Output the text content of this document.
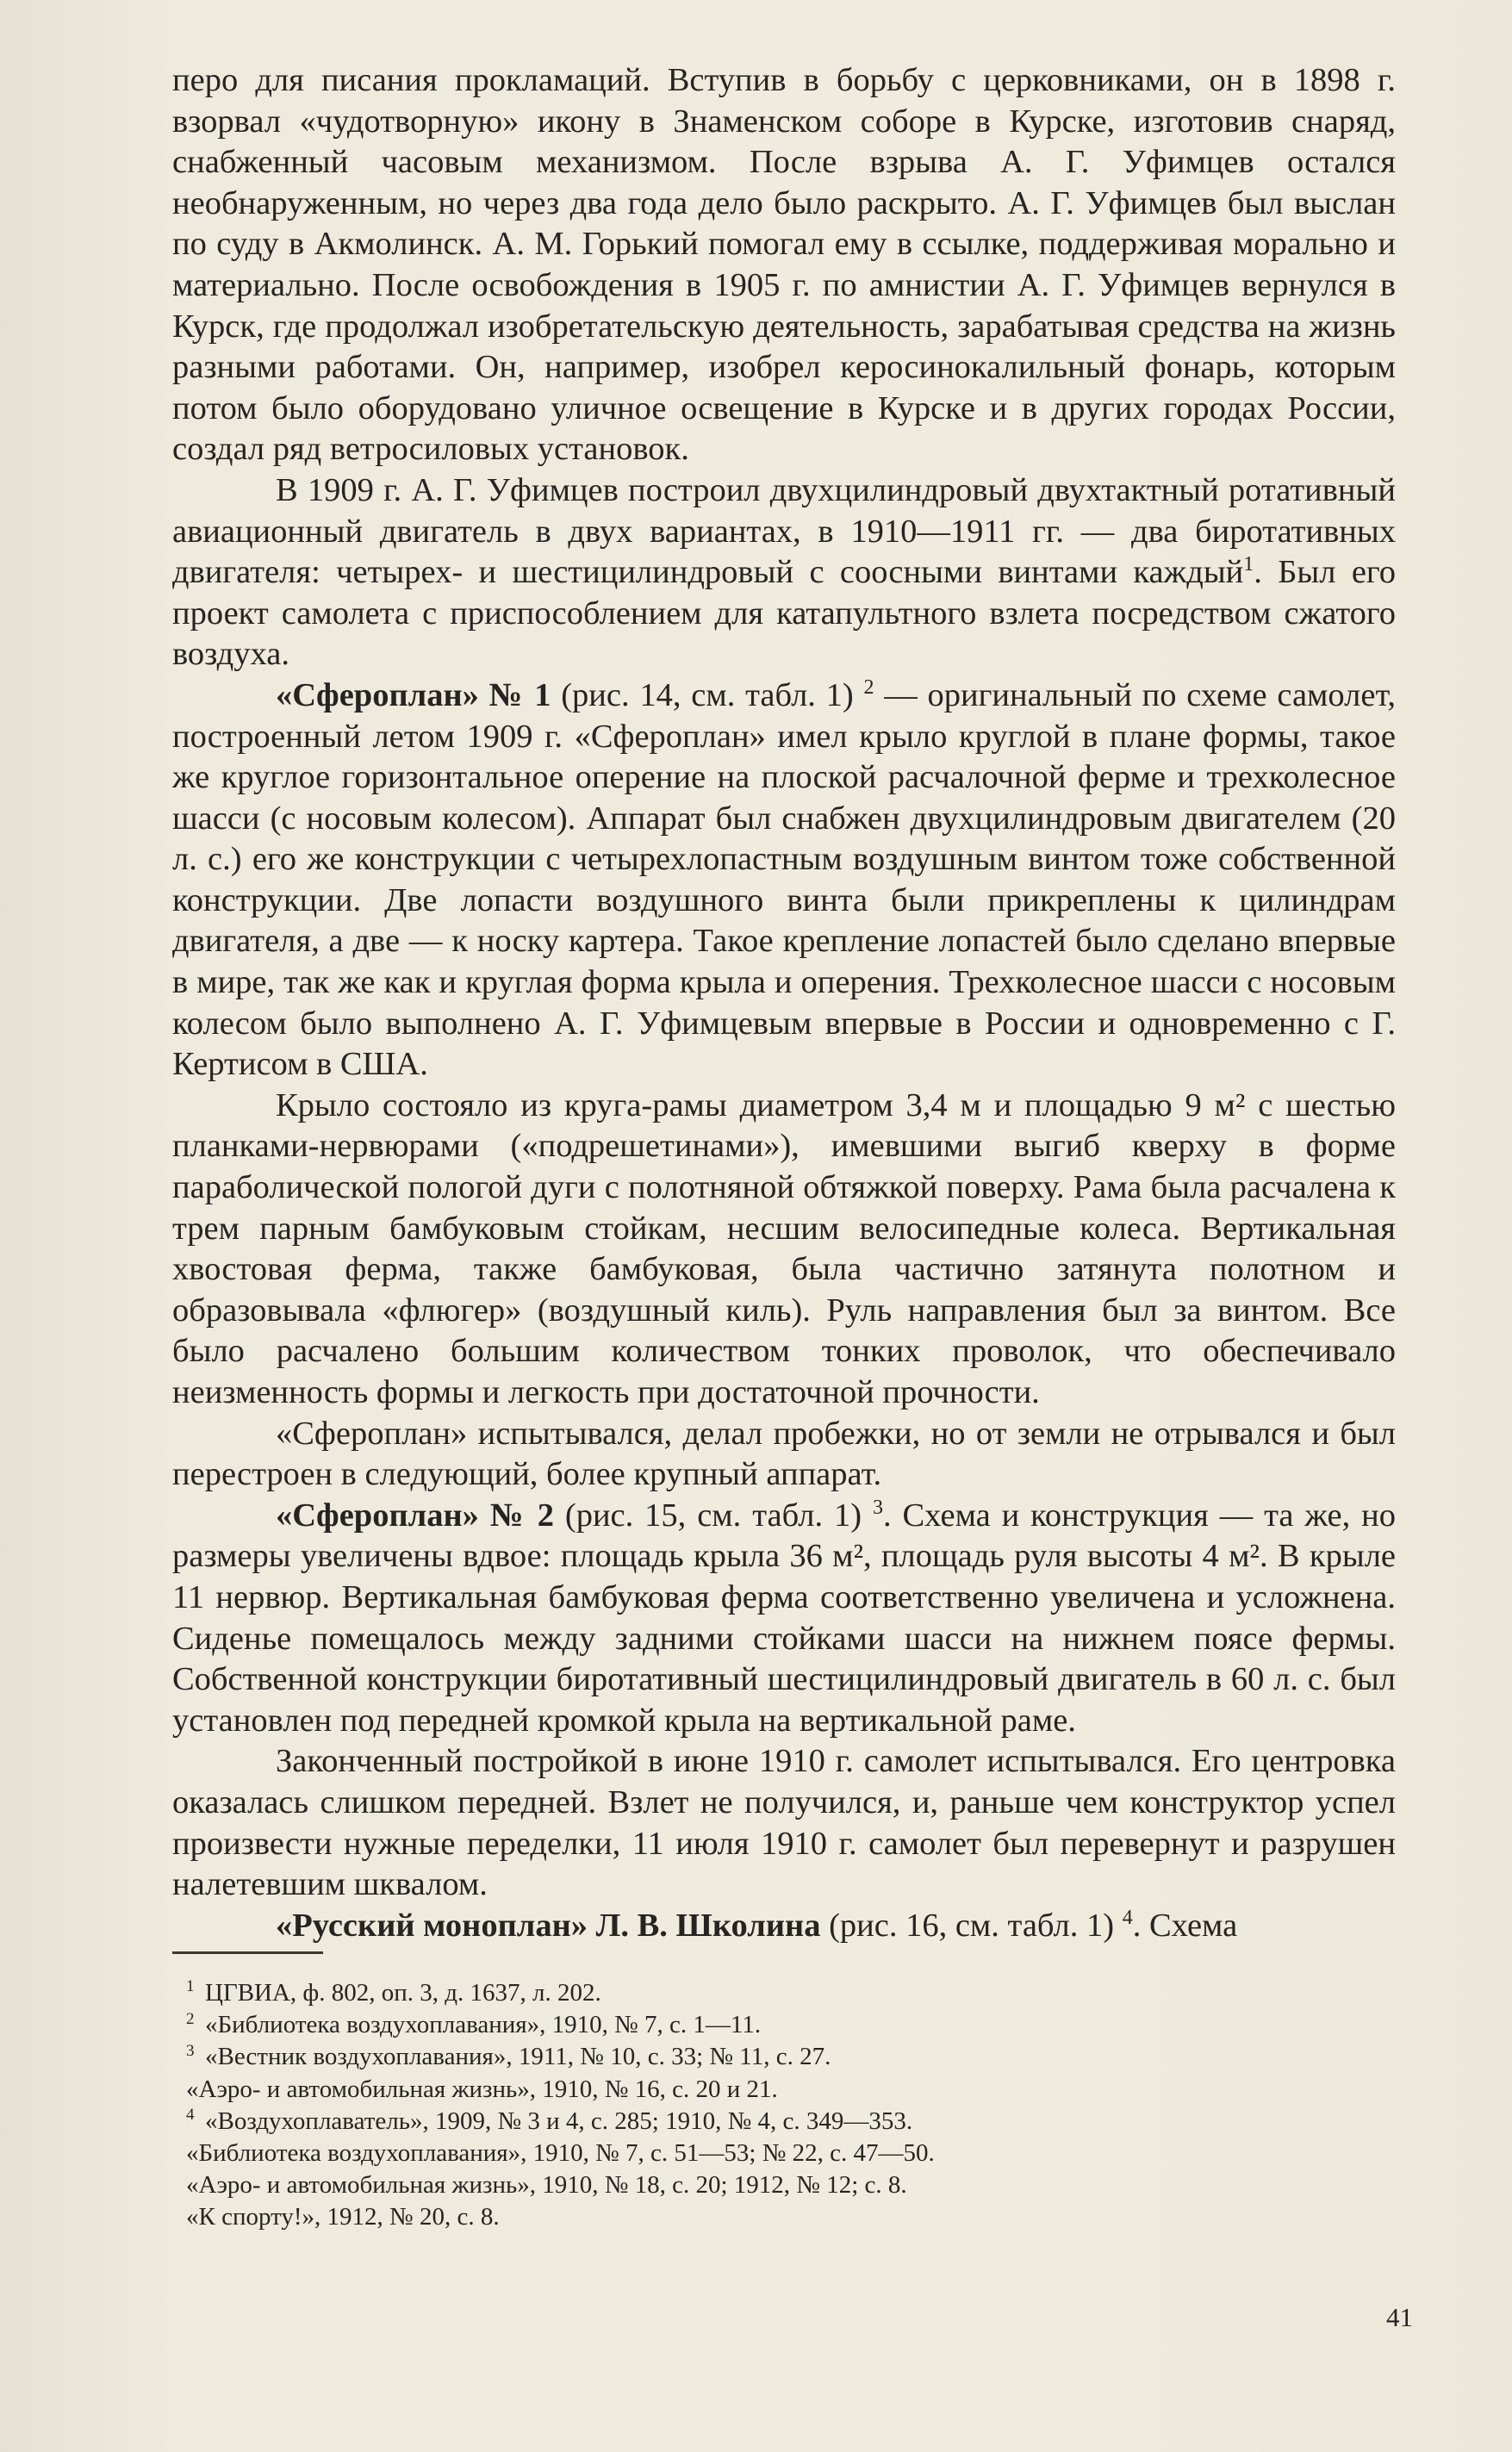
перо для писания прокламаций. Вступив в борьбу с церковниками, он в 1898 г. взорвал «чудотворную» икону в Знаменском соборе в Курске, изготовив снаряд, снабженный часовым механизмом. После взрыва А. Г. Уфимцев остался необнаруженным, но через два года дело было раскрыто. А. Г. Уфимцев был выслан по суду в Акмолинск. А. М. Горький помогал ему в ссылке, поддерживая морально и материально. После освобождения в 1905 г. по амнистии А. Г. Уфимцев вернулся в Курск, где продолжал изобретательскую деятельность, зарабатывая средства на жизнь разными работами. Он, например, изобрел керосинокалильный фонарь, которым потом было оборудовано уличное освещение в Курске и в других городах России, создал ряд ветросиловых установок.

В 1909 г. А. Г. Уфимцев построил двухцилиндровый двухтактный ротативный авиационный двигатель в двух вариантах, в 1910—1911 гг. — два биротативных двигателя: четырех- и шестицилиндровый с соосными винтами каждый$^1$. Был его проект самолета с приспособлением для катапультного взлета посредством сжатого воздуха.

«Сфероплан» № 1 (рис. 14, см. табл. 1) $^2$ — оригинальный по схеме самолет, построенный летом 1909 г. «Сфероплан» имел крыло круглой в плане формы, такое же круглое горизонтальное оперение на плоской расчалочной ферме и трехколесное шасси (с носовым колесом). Аппарат был снабжен двухцилиндровым двигателем (20 л. с.) его же конструкции с четырехлопастным воздушным винтом тоже собственной конструкции. Две лопасти воздушного винта были прикреплены к цилиндрам двигателя, а две — к носку картера. Такое крепление лопастей было сделано впервые в мире, так же как и круглая форма крыла и оперения. Трехколесное шасси с носовым колесом было выполнено А. Г. Уфимцевым впервые в России и одновременно с Г. Кертисом в США.

Крыло состояло из круга-рамы диаметром 3,4 м и площадью 9 м² с шестью планками-нервюрами («подрешетинами»), имевшими выгиб кверху в форме параболической пологой дуги с полотняной обтяжкой поверху. Рама была расчалена к трем парным бамбуковым стойкам, несшим велосипедные колеса. Вертикальная хвостовая ферма, также бамбуковая, была частично затянута полотном и образовывала «флюгер» (воздушный киль). Руль направления был за винтом. Все было расчалено большим количеством тонких проволок, что обеспечивало неизменность формы и легкость при достаточной прочности.

«Сфероплан» испытывался, делал пробежки, но от земли не отрывался и был перестроен в следующий, более крупный аппарат.

«Сфероплан» № 2 (рис. 15, см. табл. 1) $^3$. Схема и конструкция — та же, но размеры увеличены вдвое: площадь крыла 36 м², площадь руля высоты 4 м². В крыле 11 нервюр. Вертикальная бамбуковая ферма соответственно увеличена и усложнена. Сиденье помещалось между задними стойками шасси на нижнем поясе фермы. Собственной конструкции биротативный шестицилиндровый двигатель в 60 л. с. был установлен под передней кромкой крыла на вертикальной раме.

Законченный постройкой в июне 1910 г. самолет испытывался. Его центровка оказалась слишком передней. Взлет не получился, и, раньше чем конструктор успел произвести нужные переделки, 11 июля 1910 г. самолет был перевернут и разрушен налетевшим шквалом.

«Русский моноплан» Л. В. Школина (рис. 16, см. табл. 1) $^4$. Схема

1 ЦГВИА, ф. 802, оп. 3, д. 1637, л. 202.
2 «Библиотека воздухоплавания», 1910, № 7, с. 1—11.
3 «Вестник воздухоплавания», 1911, № 10, с. 33; № 11, с. 27.
«Аэро- и автомобильная жизнь», 1910, № 16, с. 20 и 21.
4 «Воздухоплаватель», 1909, № 3 и 4, с. 285; 1910, № 4, с. 349—353.
«Библиотека воздухоплавания», 1910, № 7, с. 51—53; № 22, с. 47—50.
«Аэро- и автомобильная жизнь», 1910, № 18, с. 20; 1912, № 12; с. 8.
«К спорту!», 1912, № 20, с. 8.
41
